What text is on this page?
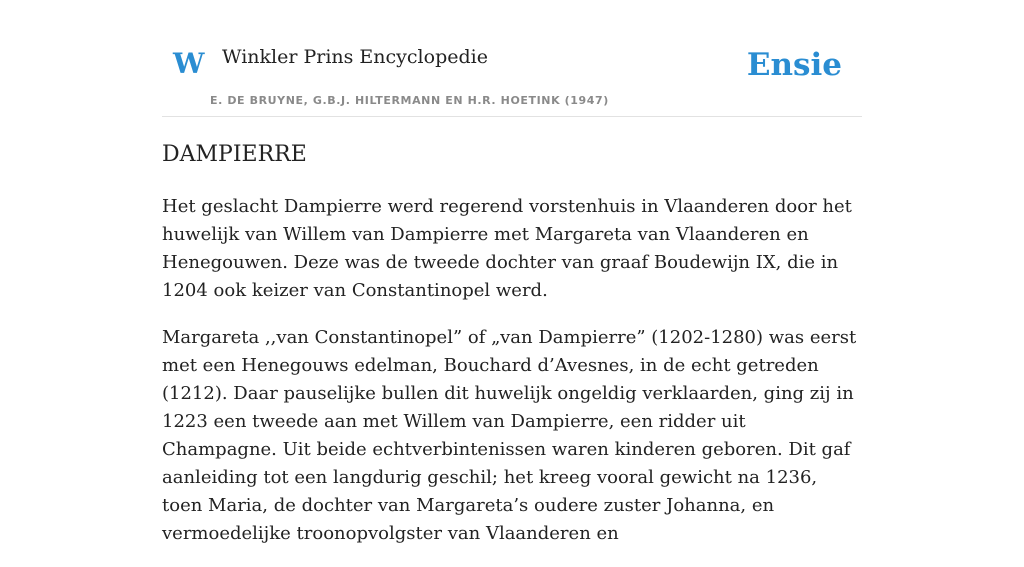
W Winkler Prins Encyclopedie
E. DE BRUYNE, G.B.J. HILTERMANN EN H.R. HOETINK (1947)
Ensie
DAMPIERRE

Het geslacht Dampierre werd regerend vorstenhuis in Vlaanderen door het huwelijk van Willem van Dampierre met Margareta van Vlaanderen en Henegouwen. Deze was de tweede dochter van graaf Boudewijn IX, die in 1204 ook keizer van Constantinopel werd.

Margareta ,,van Constantinopel” of „van Dampierre” (1202-1280) was eerst met een Henegouws edelman, Bouchard d’Avesnes, in de echt getreden (1212). Daar pauselijke bullen dit huwelijk ongeldig verklaarden, ging zij in 1223 een tweede aan met Willem van Dampierre, een ridder uit Champagne. Uit beide echtverbintenissen waren kinderen geboren. Dit gaf aanleiding tot een langdurig geschil; het kreeg vooral gewicht na 1236, toen Maria, de dochter van Margareta’s oudere zuster Johanna, en vermoedelijke troonopvolgster van Vlaanderen en
